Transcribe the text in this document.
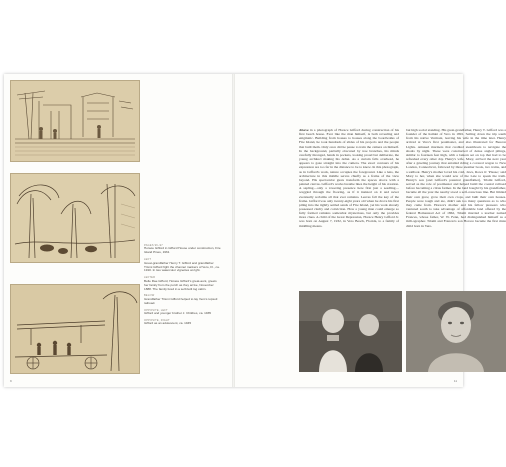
PAGES 96–97
Horace Gifford in Gifford House under construction, Fire Island Pines, 1961
LEFT
Great-grandfather Henry T. Gifford and grandfather Trismi Gifford fight the channel markers of Vero, Fl., ca. 1910. In two watercolor vignettes at right.
LEFTER
Belle Rae Gifford, Horace Gifford's great-aunt, greets her family from the porch as they arrive, November 1888. The family lived in a self-built log cabin.
BELOW
Grandfather Trismi Gifford helped to lay Vero's topsoil railroad.
OPPOSITE, LEFT
Gifford and younger brother J. Childres, ca. 1935
OPPOSITE, RIGHT
Gifford as an adolescent, ca. 1945
9
Above in a photograph of Horace Gifford during construction of his first beach house. Ever like the man himself, is both revealing and enigmatic. Building from houses to houses along the boardwalks of Fire Island, he took hundreds of slides of his projects and the people that built them. Only once did he pause to train the camera on himself. In the background, partially obscured by tree branches, his minds carefully thronged, hands in pockets, looking proud but deliberate, the young architect making his debut. As a curtain falls overhead, he appears to gaze straight into the camera. The exact contours of his expression are too far in the distance to be to know. In this photograph, as in Gifford's work, nature occupies the foreground. Like a lens, the architecture in this middle serves chiefly as a frame of the view beyond. His spectacular gusts transform the spaces above with a painted canvas. Gifford's works breathe lines the height of his creation. A sapling—only a towering presence here first just a seedling—waggled through the flooring, as if it insisted on it and never eventually reclaims all that ever remains. Leaves fall the key of the frame. Gifford was only twenty-eight years old when he drove his first piling into the tightly settled sands of Fire Island, yet his work already possessed clarity and conviction. How a young man could emerge so fully formed remains somewhat mysterious, but only the provides more clues. A child of the Great Depression, Horace Henry Gifford Jr. was born on August 7, 1932, in Vero Beach, Florida, to a family of middling means.
but high social standing. His great-grandfather, Henry T. Gifford was a founder of the hamlet of Vero in 1891. Sailing down the trip south from his native Vermont, leaving his wife in the time later. Henry arrived at Vero's first postmaster, and also illustrated for Beacon Lights. Amused mariners that credited steamboats to navigate the shoals by night. These were constructed of dense angled pilings, similar to fourteen feet high, with a lantern set on top that had to be refreshed every other day. Henry's wife, Mary, arrived the next year after a grueling journey that entailed riding a covered wagon to New London, Connecticut, followed by three steamer boats, two trains, and a sailboat. Henry's mother loved his cold, Jews, Rowe it: 'Please,' said Mary to her, when she would sew of the Laie to speak the truth. Henry's son (and Gifford's paternal grandfather), Trismi Gifford, served as the role of postmaster and helped build the coastal railroad before becoming a citrus farmer. In the land bought by his grandfather, became all the year the nearby stood a self-conscious line. But limited their own grew, grow their own crops, and built their own houses. People were tough and ate, didn't ask too many questions as to who they came from. Horace's mother and his fellow pioneers who ventured south to take advantage of affordable land offered by the federal Homestead Act of 1862, Trismi married a teacher named Frances, whose father, W. W. Fenn, had distinguished himself as a mill-ographer. Trismi and Frances's son Horace became the first male child born in Vero.
11
